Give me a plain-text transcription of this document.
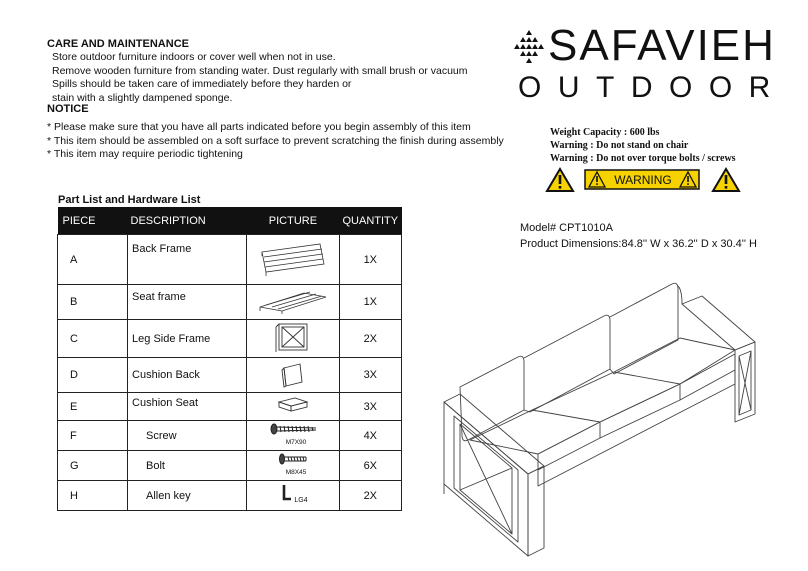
CARE AND MAINTENANCE
Store outdoor furniture indoors or cover well when not in use.
Remove wooden furniture from standing water. Dust regularly with small brush or vacuum
Spills should be taken care of immediately before they harden or
stain with a slightly dampened sponge.
NOTICE
* Please make sure that you have all parts indicated before you begin assembly of this item
* This item should be assembled on a soft surface to prevent scratching the finish during assembly
* This item may require periodic tightening
SAFAVIEH
OUTDOOR
Weight Capacity : 600 lbs
Warning : Do not stand on chair
Warning : Do not over torque bolts / screws
WARNING
Model# CPT1010A
Product Dimensions:84.8'' W x 36.2'' D x 30.4'' H
Part List and Hardware List
PIECE	DESCRIPTION	PICTURE	QUANTITY
A	Back Frame		1X
B	Seat frame		1X
C	Leg Side Frame		2X
D	Cushion Back		3X
E	Cushion Seat		3X
F	Screw	M7X90	4X
G	Bolt	M8X45	6X
H	Allen key	LG4	2X
